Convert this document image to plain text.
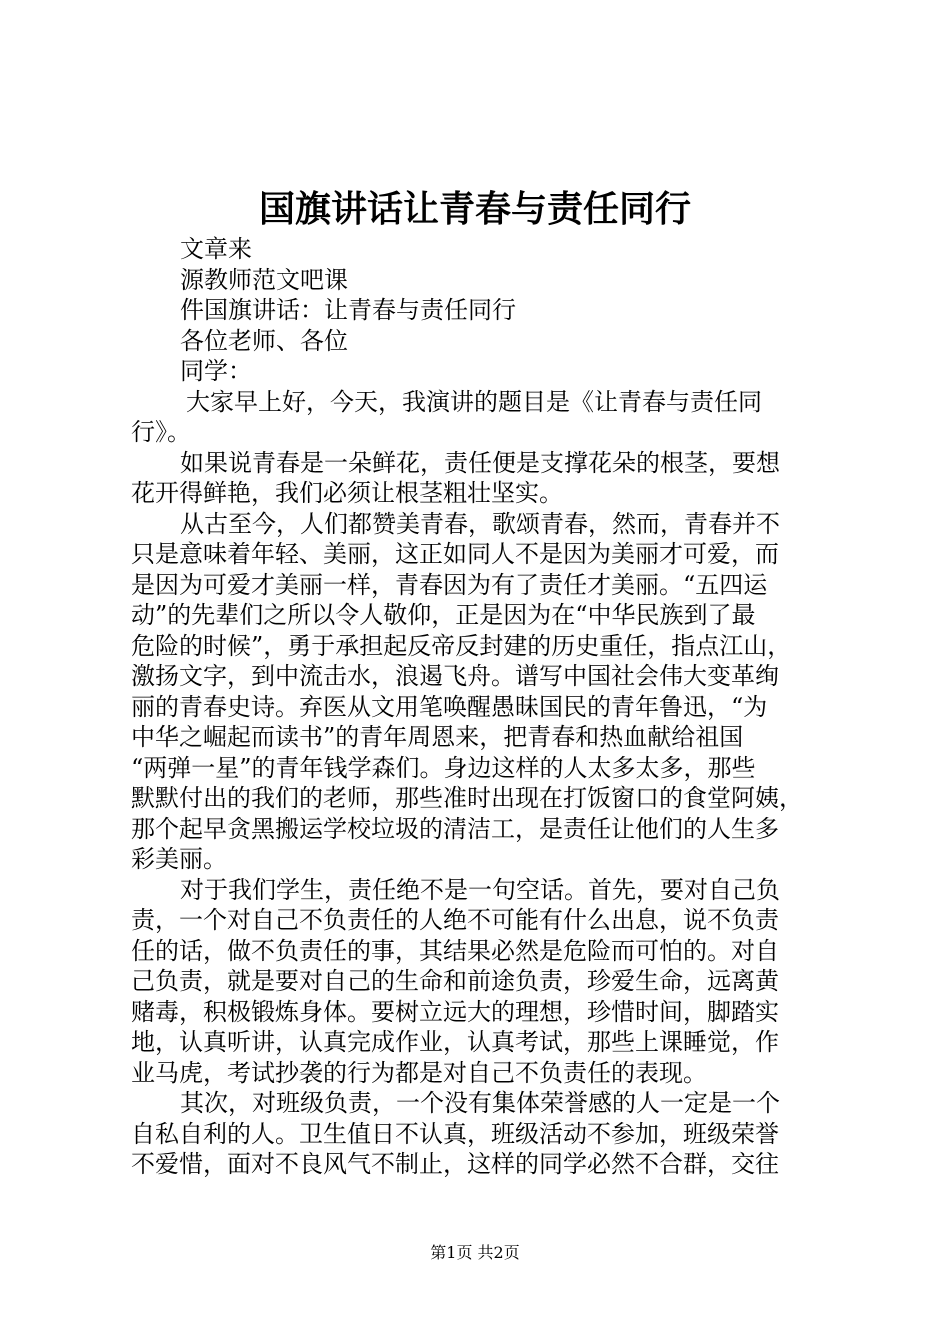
国旗讲话让青春与责任同行
文章来
源教师范文吧课
件国旗讲话：让青春与责任同行
各位老师、各位
同学：
大家早上好，今天，我演讲的题目是《让青春与责任同
行》。
如果说青春是一朵鲜花，责任便是支撑花朵的根茎，要想
花开得鲜艳，我们必须让根茎粗壮坚实。
从古至今，人们都赞美青春，歌颂青春，然而，青春并不
只是意味着年轻、美丽，这正如同人不是因为美丽才可爱，而
是因为可爱才美丽一样，青春因为有了责任才美丽。“五四运
动”的先辈们之所以令人敬仰，正是因为在“中华民族到了最
危险的时候”，勇于承担起反帝反封建的历史重任，指点江山，
激扬文字，到中流击水，浪遏飞舟。谱写中国社会伟大变革绚
丽的青春史诗。弃医从文用笔唤醒愚昧国民的青年鲁迅，“为
中华之崛起而读书”的青年周恩来，把青春和热血献给祖国
“两弹一星”的青年钱学森们。身边这样的人太多太多，那些
默默付出的我们的老师，那些准时出现在打饭窗口的食堂阿姨，
那个起早贪黑搬运学校垃圾的清洁工，是责任让他们的人生多
彩美丽。
对于我们学生，责任绝不是一句空话。首先，要对自己负
责，一个对自己不负责任的人绝不可能有什么出息，说不负责
任的话，做不负责任的事，其结果必然是危险而可怕的。对自
己负责，就是要对自己的生命和前途负责，珍爱生命，远离黄
赌毒，积极锻炼身体。要树立远大的理想，珍惜时间，脚踏实
地，认真听讲，认真完成作业，认真考试，那些上课睡觉，作
业马虎，考试抄袭的行为都是对自己不负责任的表现。
其次，对班级负责，一个没有集体荣誉感的人一定是一个
自私自利的人。卫生值日不认真，班级活动不参加，班级荣誉
不爱惜，面对不良风气不制止，这样的同学必然不合群，交往
第1页 共2页
